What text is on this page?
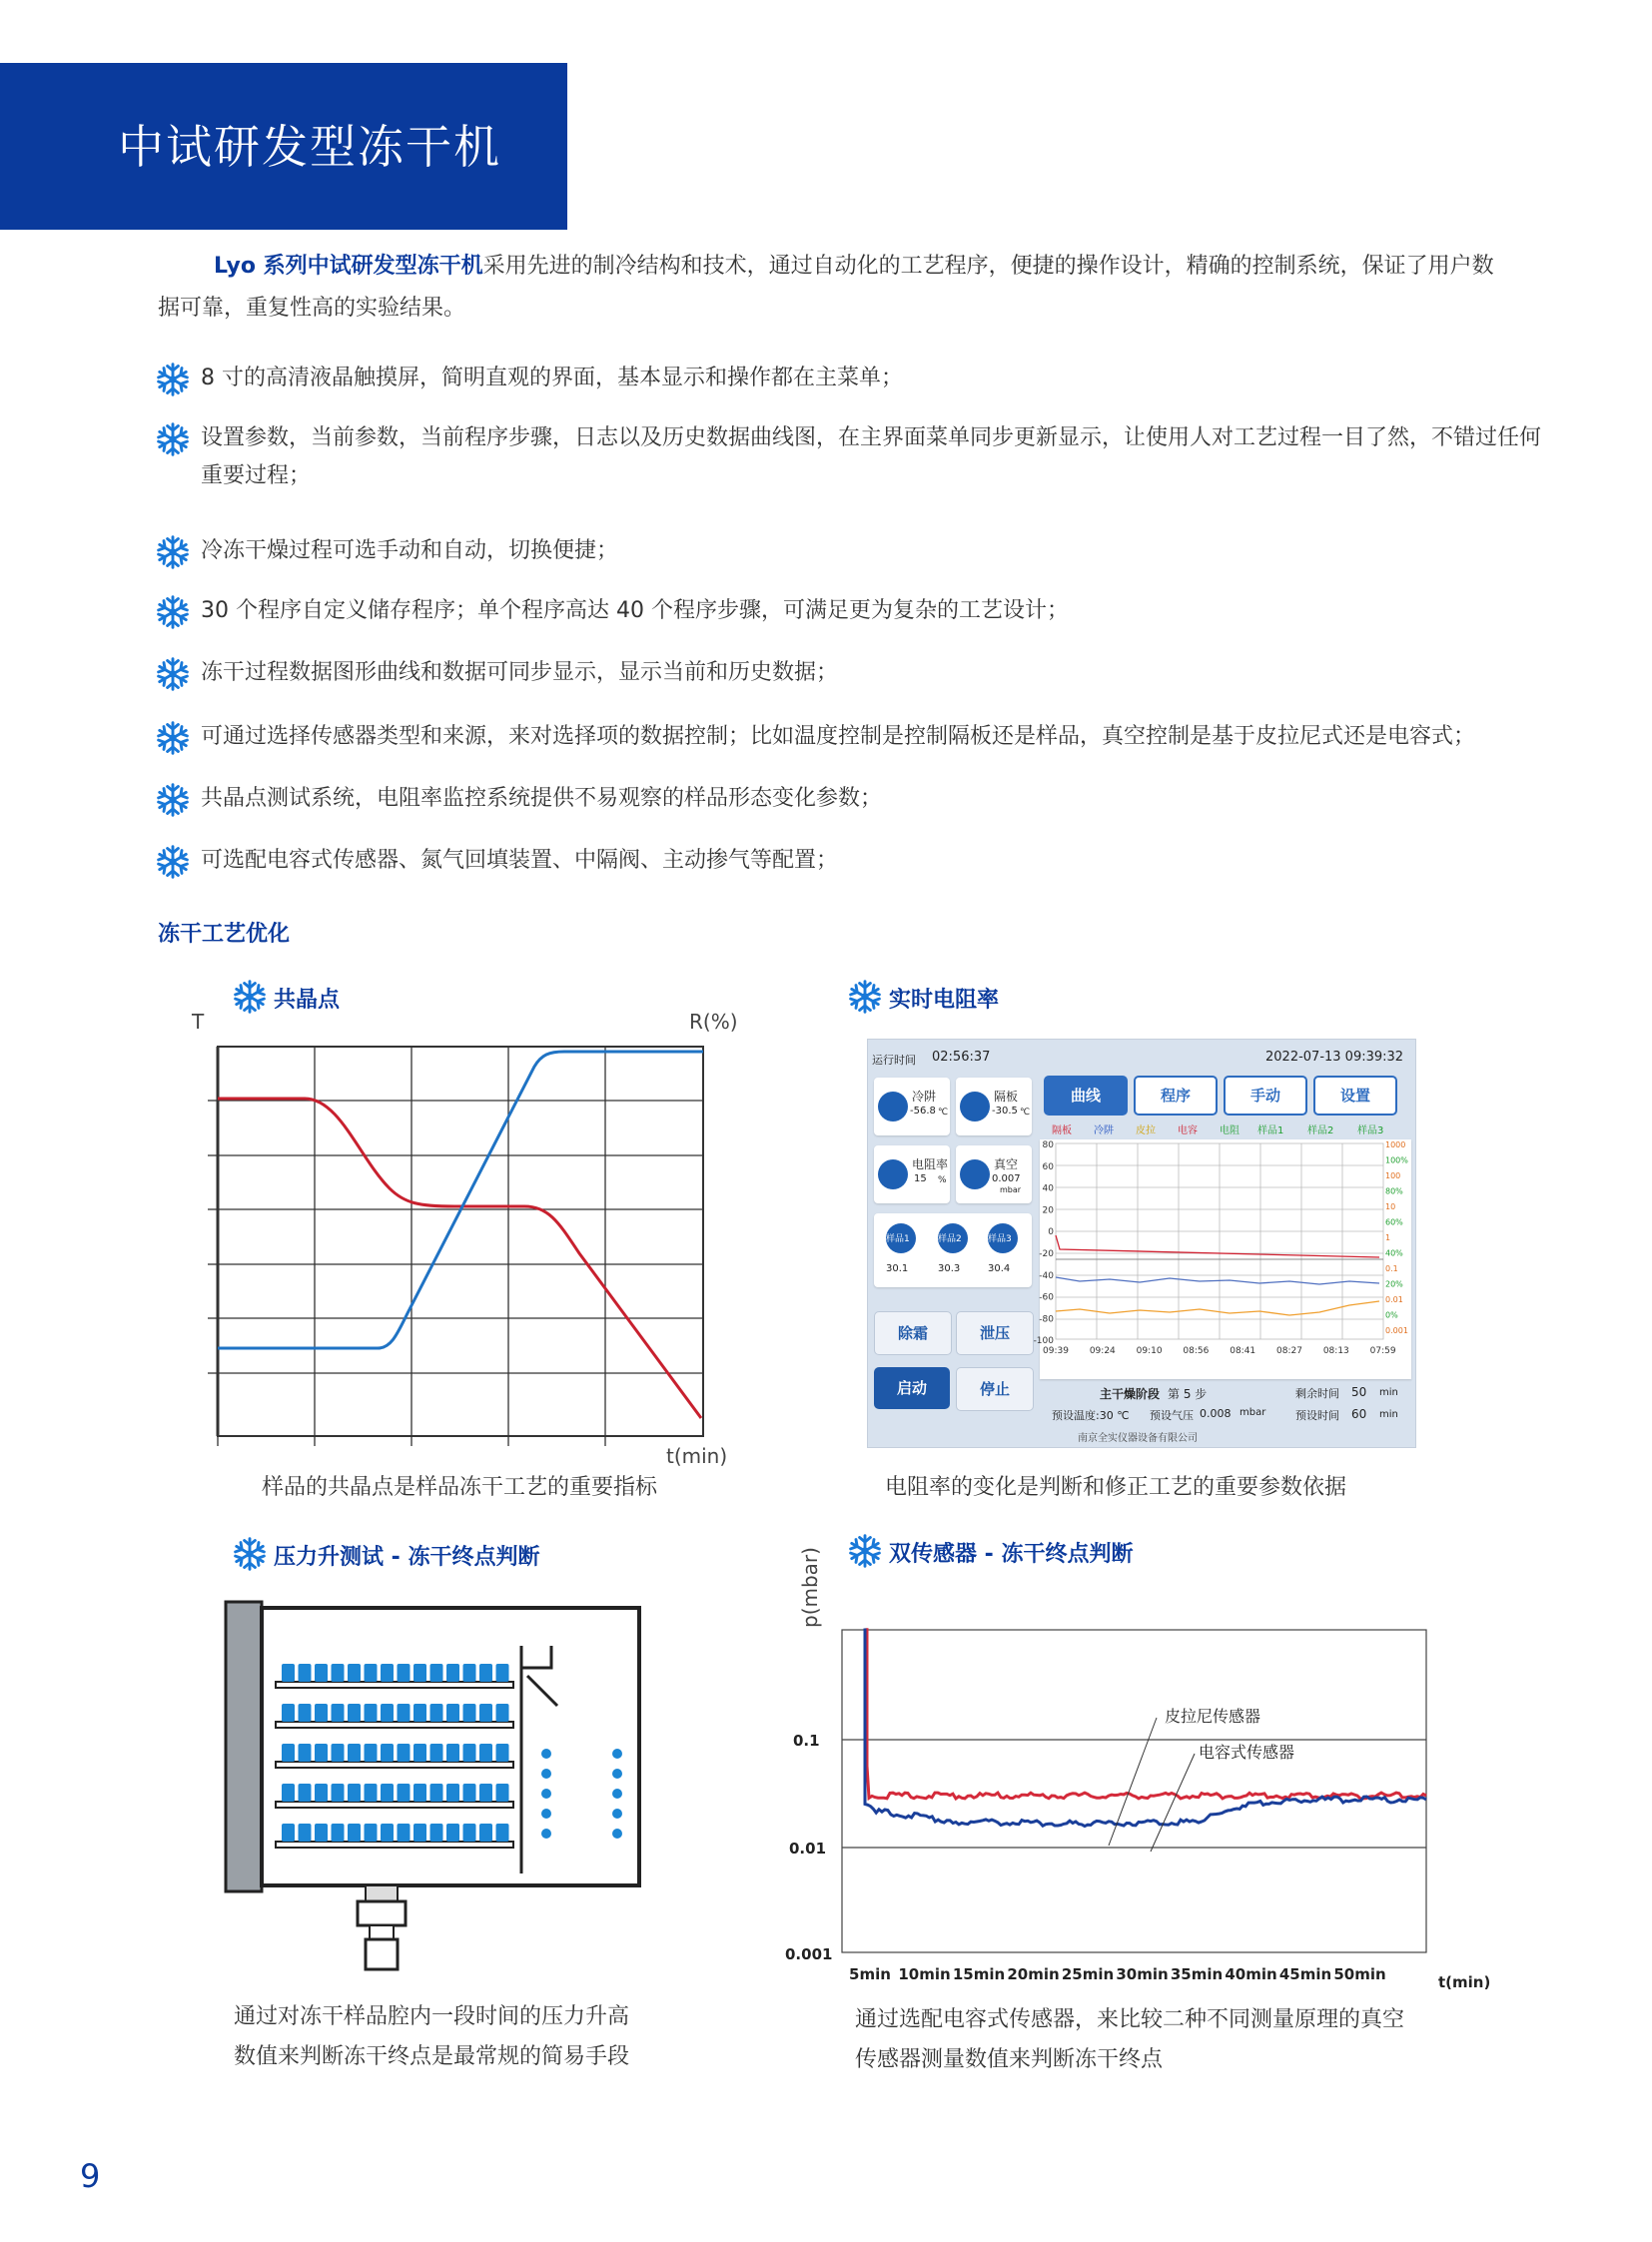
中试研发型冻干机
Lyo 系列中试研发型冻干机采用先进的制冷结构和技术，通过自动化的工艺程序，便捷的操作设计，精确的控制系统，保证了用户数据可靠，重复性高的实验结果。
8 寸的高清液晶触摸屏，简明直观的界面，基本显示和操作都在主菜单；
设置参数，当前参数，当前程序步骤，日志以及历史数据曲线图，在主界面菜单同步更新显示，让使用人对工艺过程一目了然，不错过任何重要过程；
冷冻干燥过程可选手动和自动，切换便捷；
30 个程序自定义储存程序；单个程序高达 40 个程序步骤，可满足更为复杂的工艺设计；
冻干过程数据图形曲线和数据可同步显示，显示当前和历史数据；
可通过选择传感器类型和来源，来对选择项的数据控制；比如温度控制是控制隔板还是样品，真空控制是基于皮拉尼式还是电容式；
共晶点测试系统，电阻率监控系统提供不易观察的样品形态变化参数；
可选配电容式传感器、氮气回填装置、中隔阀、主动掺气等配置；
冻干工艺优化
共晶点	实时电阻率
压力升测试 - 冻干终点判断	双传感器 - 冻干终点判断
T	R(%)
t(min)
样品的共晶点是样品冻干工艺的重要指标
运行时间 02:56:37	2022-07-13 09:39:32
冷阱
-56.8 ℃
隔板
-30.5 ℃
电阻率
15 %
真空
0.007
mbar
样品1	样品2	样品3
30.1	30.3	30.4
除霜	泄压
启动	停止
曲线	程序	手动	设置
隔板 冷阱 皮拉 电容 电阻 样品1 样品2 样品3
80
60
40
20
0
-20
-40
-60
-80
-100
1000
100%
100
80%
10
60%
1
40%
0.1
20%
0.01
0%
0.001
09:39 09:24 09:10 08:56 08:41 08:27 08:13 07:59
主干燥阶段 第 5 步	剩余时间 50 min
预设温度:30 ℃ 预设气压 0.008 mbar	预设时间 60 min
南京全实仪器设备有限公司
电阻率的变化是判断和修正工艺的重要参数依据
通过对冻干样品腔内一段时间的压力升高
数值来判断冻干终点是最常规的简易手段
p(mbar)
0.1
0.01
0.001
5min 10min 15min 20min 25min 30min 35min 40min 45min 50min	t(min)
皮拉尼传感器
电容式传感器
通过选配电容式传感器，来比较二种不同测量原理的真空
传感器测量数值来判断冻干终点
9
